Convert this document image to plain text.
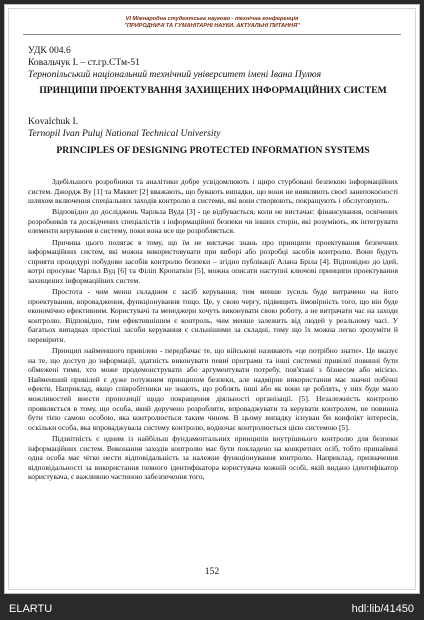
VI Міжнародна студентська науково - технічна конференція
"ПРИРОДНИЧІ ТА ГУМАНІТАРНІ НАУКИ. АКТУАЛЬНІ ПИТАННЯ"
УДК 004.6
Ковальчук І. – ст.гр.СТм-51
Тернопільський національний технічний університет імені Івана Пулюя
ПРИНЦИПИ ПРОЕКТУВАННЯ ЗАХИЩЕНИХ ІНФОРМАЦІЙНИХ СИСТЕМ
Kovalchuk I.
Ternopil Ivan Puluj National Technical University
PRINCIPLES OF DESIGNING PROTECTED INFORMATION SYSTEMS

Здебільшого розробники та аналітики добре усвідомлюють і щиро стурбовані безпекою інформаційних систем. Джордж Ву [1] та Маквет [2] вважають, що бувають випадки, що вони не виявляють своєї занепокоєності шляхом включення спеціальних заходів контролю в системи, які вони створюють, покращують і обслуговують.

Відповідно до досліджень Чарльза Вуда [3] - це відбувається, коли не вистачає: фінансування, освічених розробників та досвідчених спеціалістів з інформаційної безпеки чи інших сторін, які розуміють, як інтегрувати елементи керування в систему, поки вона все ще розробляється.

Причина цього полягає в тому, що їм не вистачає знань про принципи проектування безпечних інформаційних систем, які можна використовувати при виборі або розробці засобів контролю. Вони будуть сприяти процедурі побудови засобів контролю безпеки – згідно публікації Алана Брілa [4]. Відповідно до ідей, котрі просуває Чарльз Вуд [6] та Філіп Кропаткін [5], можна описати наступні ключові принципи проектування захищених інформаційних систем.

Простота - чим менш складним є засіб керування, тим менше зусиль буде витрачено на його проектування, впровадження, функціонування тощо. Це, у свою чергу, підвищить ймовірність того, що він буде економічно ефективним. Користувачі та менеджери хочуть виконувати свою роботу, а не витрачати час на заходи контролю. Відповідно, тим ефективнішим є контроль, чим менше залежить від людей у реальному часі. У багатьох випадках простіші засоби керування є сильнішими за складні, тому що їх можна легко зрозуміти й перевірити.

Принцип найменшого привілею - передбачає те, що військові називають «це потрібно знати». Це вказує на те, що доступ до інформації, здатність виконувати певні програми та інші системні привілеї повинні бути обмежені тими, хто може продемонструвати або аргументувати потребу, пов'язані з бізнесом або місією. Найменший привілей є дуже потужним принципом безпеки, але надмірне використання має значні побічні ефекти. Наприклад, якщо співробітники не знають, що роблять інші або як вони це роблять, у них буде мало можливостей внести пропозиції щодо покращення діяльності організації. [5]. Незалежність контролю проявляється в тому, що особа, який доручено розробляти, впроваджувати та керувати контролем, не повинна бути тією самою особою, яка контролюється таким чином. В цьому випадку існуван би конфлікт інтересів, оскільки особа, яка впроваджувала систему контролю, водночас контролюється цією системою [5].

Підзвітність є одним із найбільш фундаментальних принципів внутрішнього контролю для безпеки інформаційних систем. Виконання заходів контролю має бути покладено на конкретних осіб, тобто принаймні одна особа має чітко нести відповідальність за належне функціонування контролю. Наприклад, призначення відповідальності за використання певного ідентифікатора користувача кожній особі, якій видано ідентифікатор користувача, є важливою частиною забезпечення того,

152
ELARTU	hdl:lib/41450
